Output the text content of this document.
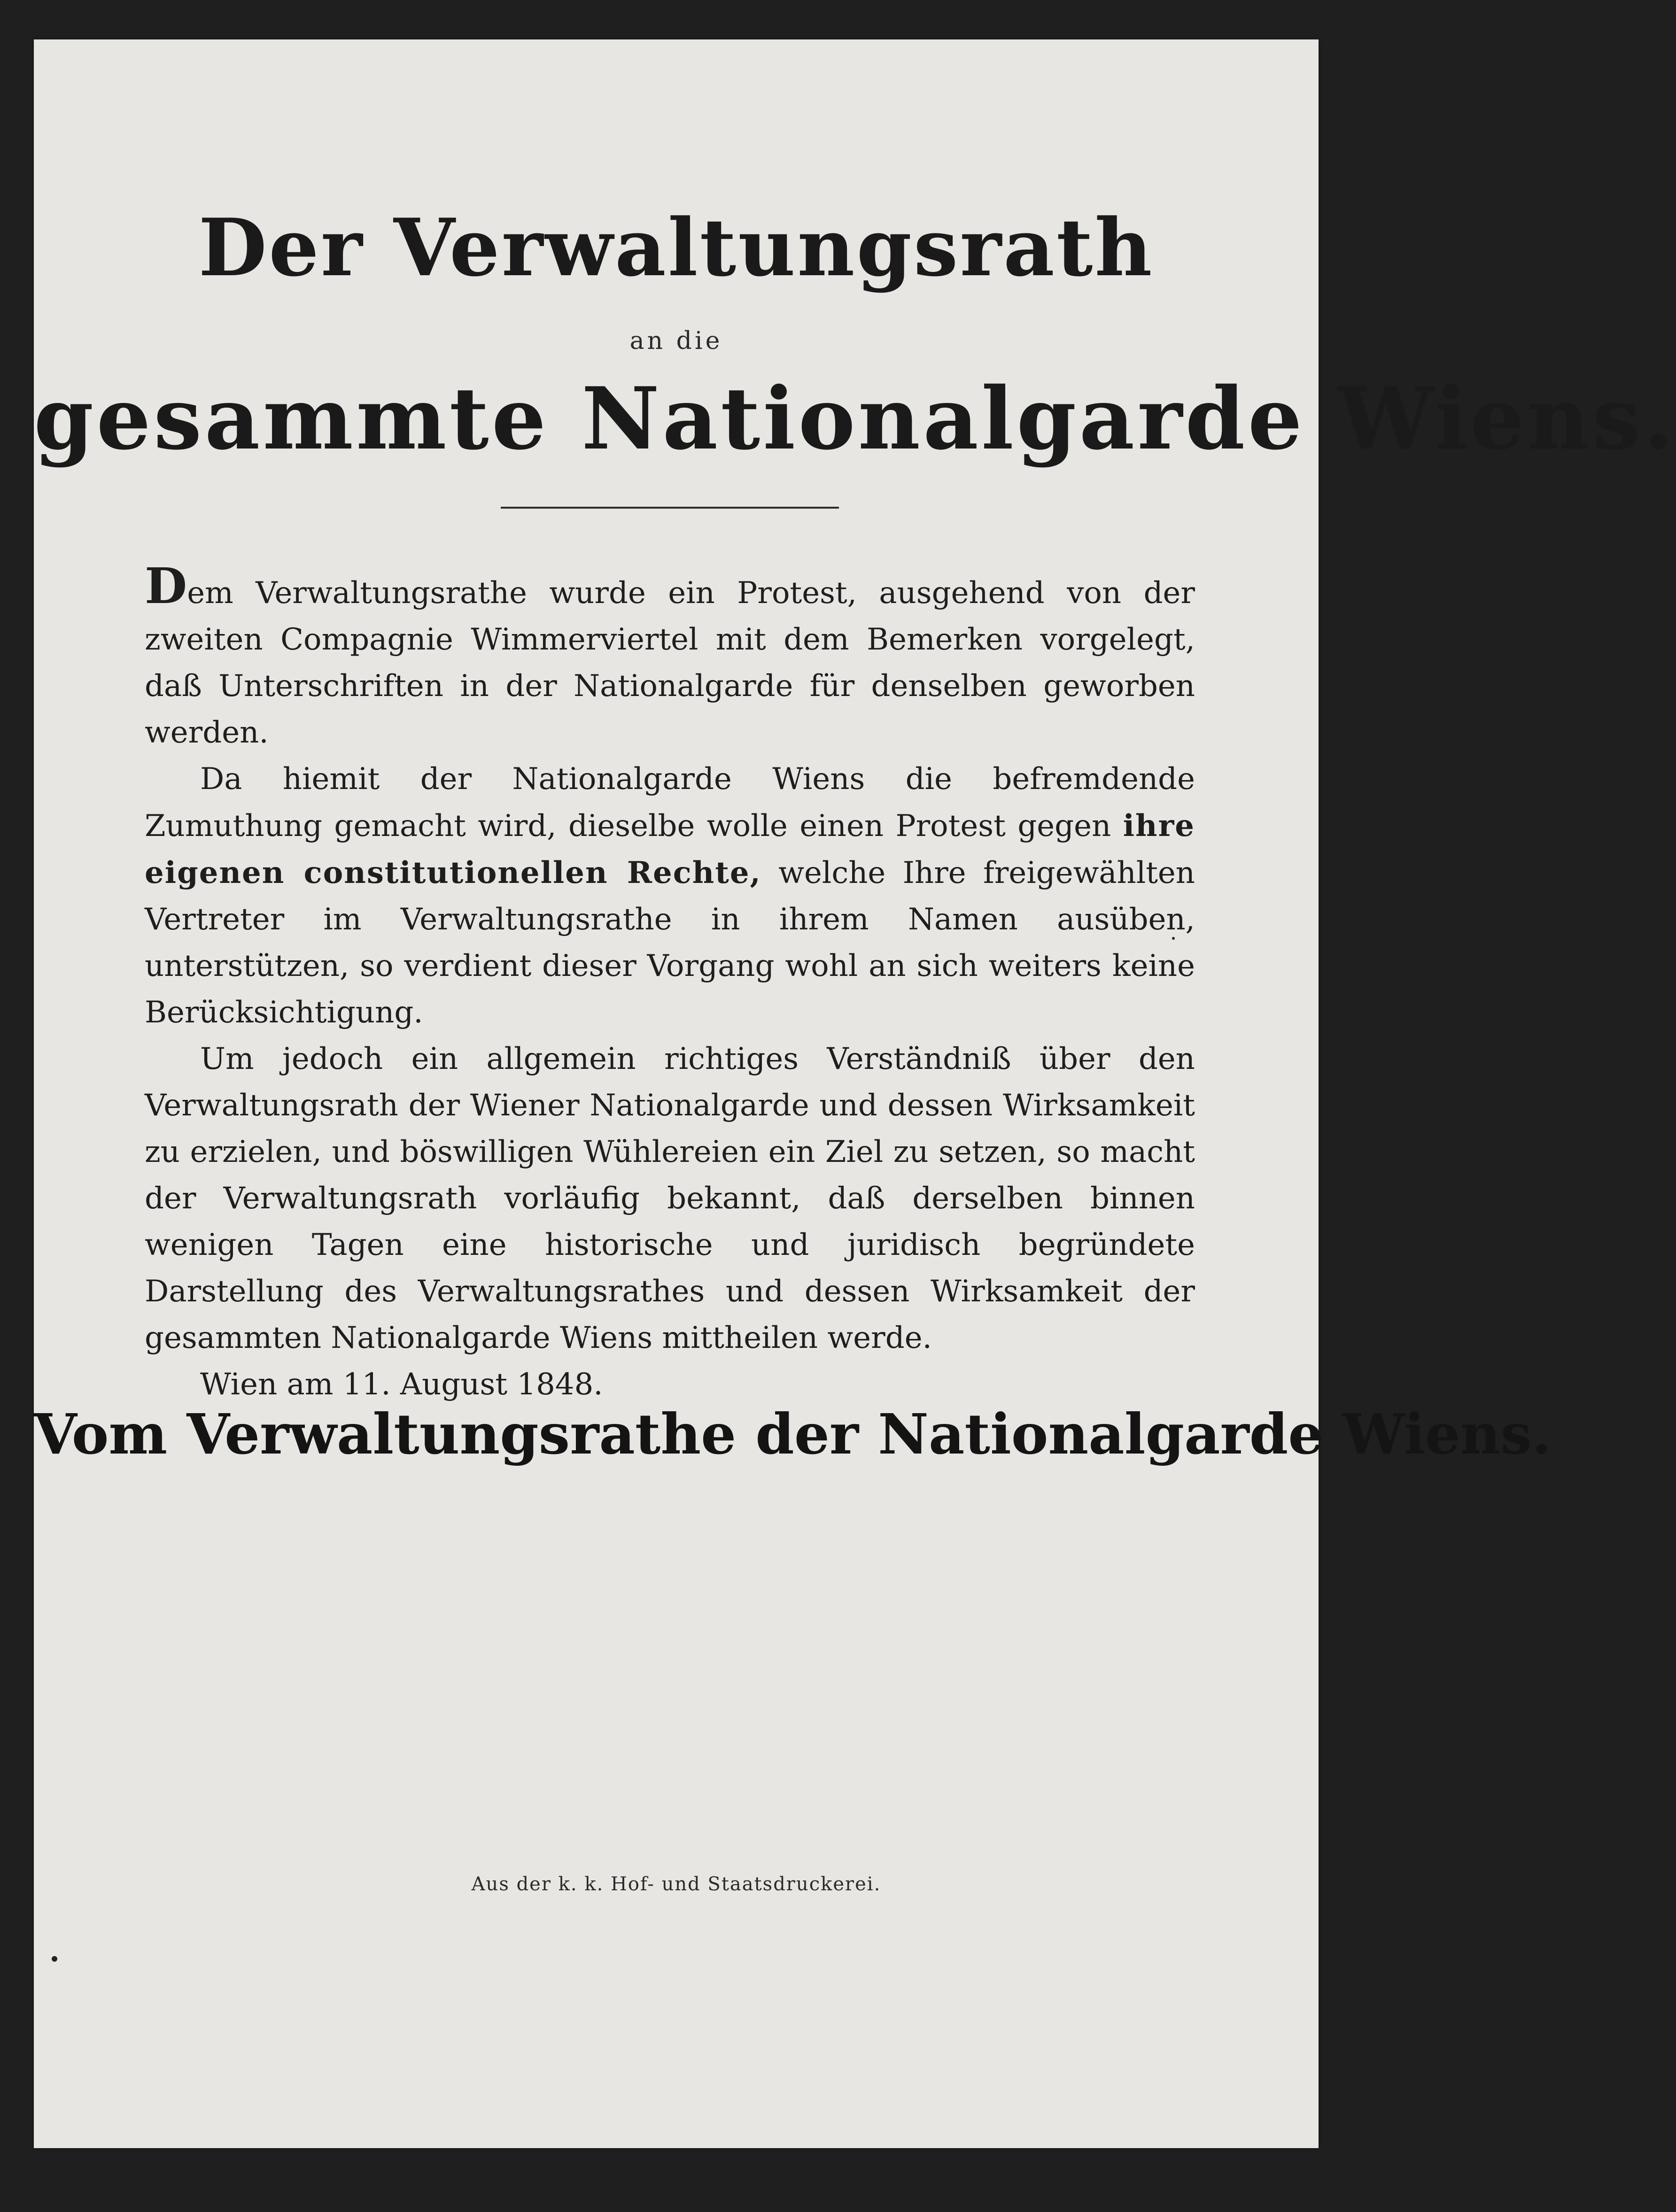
Der Verwaltungsrath
an die
gesammte Nationalgarde Wiens.

Dem Verwaltungsrathe wurde ein Protest, ausgehend von der zweiten Compagnie Wimmerviertel mit dem Bemerken vorgelegt, daß Unterschriften in der Nationalgarde für denselben geworben werden.

Da hiemit der Nationalgarde Wiens die befremdende Zumuthung gemacht wird, dieselbe wolle einen Protest gegen ihre eigenen constitutionellen Rechte, welche Ihre freigewählten Vertreter im Verwaltungsrathe in ihrem Namen ausüben, unterstützen, so verdient dieser Vorgang wohl an sich weiters keine Berücksichtigung.

Um jedoch ein allgemein richtiges Verständniß über den Verwaltungsrath der Wiener Nationalgarde und dessen Wirksamkeit zu erzielen, und böswilligen Wühlereien ein Ziel zu setzen, so macht der Verwaltungsrath vorläufig bekannt, daß derselben binnen wenigen Tagen eine historische und juridisch begründete Darstellung des Verwaltungsrathes und dessen Wirksamkeit der gesammten Nationalgarde Wiens mittheilen werde.

Wien am 11. August 1848.

Vom Verwaltungsrathe der Nationalgarde Wiens.
Aus der k. k. Hof- und Staatsdruckerei.
